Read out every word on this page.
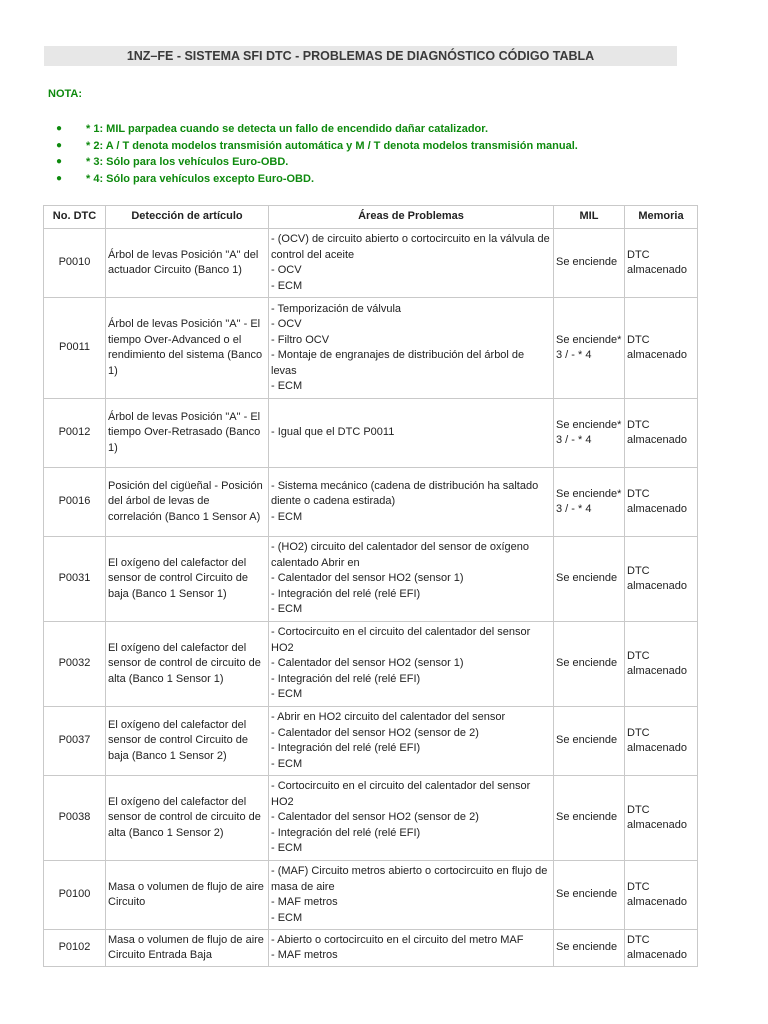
1NZ–FE - SISTEMA SFI DTC - PROBLEMAS DE DIAGNÓSTICO CÓDIGO TABLA
NOTA:
● * 1: MIL parpadea cuando se detecta un fallo de encendido dañar catalizador.
● * 2: A / T denota modelos transmisión automática y M / T denota modelos transmisión manual.
● * 3: Sólo para los vehículos Euro-OBD.
● * 4: Sólo para vehículos excepto Euro-OBD.
No. DTC	Detección de artículo	Áreas de Problemas	MIL	Memoria
P0010	Árbol de levas Posición "A" del actuador Circuito (Banco 1)	- (OCV) de circuito abierto o cortocircuito en la válvula de control del aceite
- OCV
- ECM	Se enciende	DTC almacenado
P0011	Árbol de levas Posición "A" - El tiempo Over-Advanced o el rendimiento del sistema (Banco 1)	- Temporización de válvula
- OCV
- Filtro OCV
- Montaje de engranajes de distribución del árbol de levas
- ECM	Se enciende* 3 / - * 4	DTC almacenado
P0012	Árbol de levas Posición "A" - El tiempo Over-Retrasado (Banco 1)	- Igual que el DTC P0011	Se enciende* 3 / - * 4	DTC almacenado
P0016	Posición del cigüeñal - Posición del árbol de levas de correlación (Banco 1 Sensor A)	- Sistema mecánico (cadena de distribución ha saltado diente o cadena estirada)
- ECM	Se enciende* 3 / - * 4	DTC almacenado
P0031	El oxígeno del calefactor del sensor de control Circuito de baja (Banco 1 Sensor 1)	- (HO2) circuito del calentador del sensor de oxígeno calentado Abrir en
- Calentador del sensor HO2 (sensor 1)
- Integración del relé (relé EFI)
- ECM	Se enciende	DTC almacenado
P0032	El oxígeno del calefactor del sensor de control de circuito de alta (Banco 1 Sensor 1)	- Cortocircuito en el circuito del calentador del sensor HO2
- Calentador del sensor HO2 (sensor 1)
- Integración del relé (relé EFI)
- ECM	Se enciende	DTC almacenado
P0037	El oxígeno del calefactor del sensor de control Circuito de baja (Banco 1 Sensor 2)	- Abrir en HO2 circuito del calentador del sensor
- Calentador del sensor HO2 (sensor de 2)
- Integración del relé (relé EFI)
- ECM	Se enciende	DTC almacenado
P0038	El oxígeno del calefactor del sensor de control de circuito de alta (Banco 1 Sensor 2)	- Cortocircuito en el circuito del calentador del sensor HO2
- Calentador del sensor HO2 (sensor de 2)
- Integración del relé (relé EFI)
- ECM	Se enciende	DTC almacenado
P0100	Masa o volumen de flujo de aire Circuito	- (MAF) Circuito metros abierto o cortocircuito en flujo de masa de aire
- MAF metros
- ECM	Se enciende	DTC almacenado
P0102	Masa o volumen de flujo de aire Circuito Entrada Baja	- Abierto o cortocircuito en el circuito del metro MAF
- MAF metros	Se enciende	DTC almacenado
